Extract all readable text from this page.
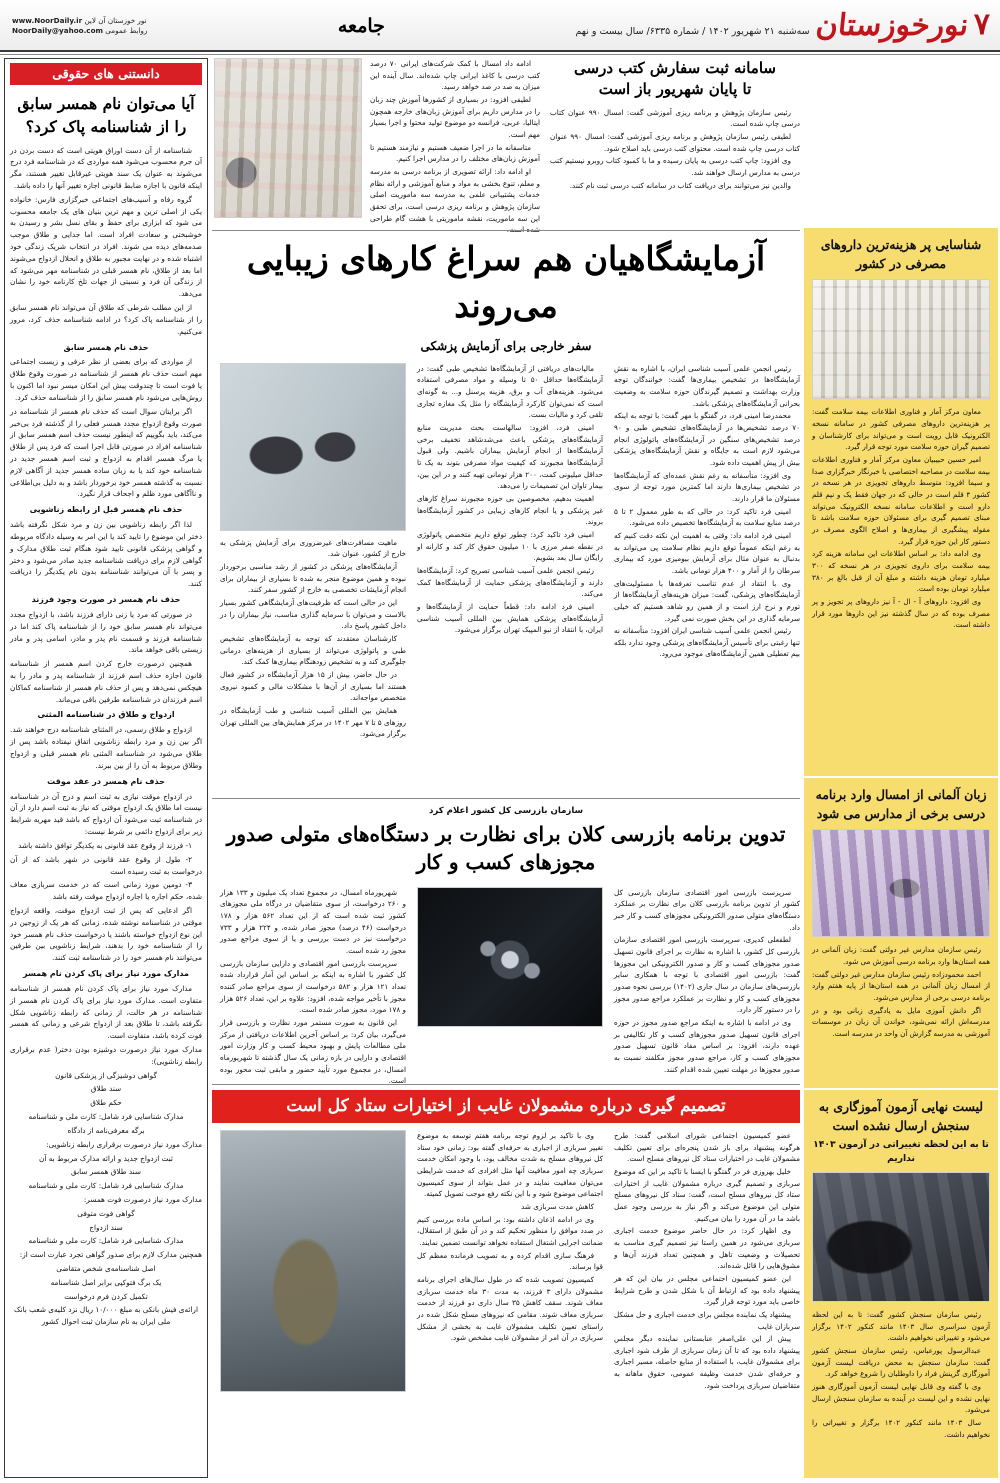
۷
نورخوزستان
سه‌شنبه ۲۱ شهریور ۱۴۰۲ / شماره ۶۳۳۵/ سال بیست و نهم
جامعه
www.NoorDaily.ir نور خوزستان آن لاین
NoorDaily@yahoo.com روابط عمومی
دانستنی های حقوقی
آیا می‌توان نام همسر سابق را از شناسنامه پاک کرد؟

شناسنامه از آن دست اوراق هویتی است که دست بردن در آن جرم محسوب می‌شود همه مواردی که در شناسنامه فرد درج می‌شوند به عنوان یک سند هویتی غیرقابل تغییر هستند، مگر اینکه قانون با اجازه ضابط قانونی اجازه تغییر آنها را داده باشد.

گروه رفاه و آسیب‌های اجتماعی خبرگزاری فارس: خانواده یکی از اصلی ترین و مهم ترین بنیان های یک جامعه محسوب می شود که ابزاری برای حفظ و بقای نسل بشر و رسیدن به خوشبختی و سعادت افراد است. اما جدایی و طلاق موجب صدمه‌های دیده می شوند. افراد در انتخاب شریک زندگی خود اشتباه شده و در نهایت مجبور به طلاق و انحلال ازدواج می‌شوند اما بعد از طلاق، نام همسر قبلی در شناسنامه مهر می‌شود که از زندگی آن فرد و نسبتی از جهات تلخ کارنامه خود را نشان می‌دهد.

از این مطلب شرطی که طلاق آن می‌تواند نام همسر سابق را از شناسنامه پاک کرد؟ در ادامه شناسنامه حذف کرد، مرور می‌کنیم.

حذف نام همسر سابق

از مواردی که برای بعضی از نظر عرفی و زیست اجتماعی مهم است حذف نام همسر از شناسنامه در صورت وقوع طلاق یا فوت است تا چندوقت پیش این امکان میسر نبود اما اکنون با روش‌هایی می‌شود نام همسر سابق را از شناسنامه حذف کرد.

اگر برایتان سوال است که حذف نام همسر از شناسنامه در صورت وقوع ازدواج مجدد همسر فعلی را از گذشته فرد بی‌خبر می‌کند، باید بگوییم که اینطور نیست حذف اسم همسر سابق از شناسنامه افراد در صورتی قابل اجرا است که فرد پس از طلاق یا مرگ همسر اقدام به ازدواج و ثبت اسم همسر جدید در شناسنامه خود کند یا به زبان ساده همسر جدید از آگاهی لازم نسبت به گذشته همسر خود برخوردار باشد و به دلیل بی‌اطلاعی و ناآگاهی مورد ظلم و اجحاف قرار نگیرد.

حذف نام همسر قبل از رابطه زناشویی

لذا اگر رابطه زناشویی بین زن و مرد شکل نگرفته باشد دختر این موضوع را تایید کند یا این امر به وسیله دادگاه مربوطه و گواهی پزشکی قانونی تایید شود هنگام ثبت طلاق مدارک و گواهی لازم برای دریافت شناسنامه جدید صادر می‌شود و دختر و پسر با آن می‌توانند شناسنامه بدون نام یکدیگر را دریافت کنند.

حذف نام همسر در صورت وجود فرزند

در صورتی که مرد یا زنی دارای فرزند باشد، با ازدواج مجدد می‌تواند نام همسر سابق خود را از شناسنامه پاک کند اما در شناسنامه فرزند و قسمت نام پدر و مادر، اسامی پدر و مادر زیستی باقی خواهد ماند.

همچنین درصورت خارج کردن اسم همسر از شناسنامه قانون اجازه حذف اسم فرزند از شناسنامه پدر و مادر را به هیچکس نمی‌دهد و پس از حذف نام همسر از شناسنامه کماکان اسم فرزندان در شناسنامه طرفین باقی می‌ماند.

ازدواج و طلاق در شناسنامه المثنی

ازدواج و طلاق رسمی، در المثنای شناسنامه درج خواهند شد. اگر بین زن و مرد رابطه زناشویی اتفاق نیفتاده باشد پس از طلاق می‌شود در شناسنامه المثنی نام همسر قبلی و ازدواج وطلاق مربوط به آن را از بین ببرند.

حذف نام همسر در عقد موقت

در ازدواج موقت نیازی به ثبت اسم و درج آن در شناسنامه نیست اما طلاق یک ازدواج موقتی که نیاز به ثبت اسم دارد از آن در شناسنامه ثبت می‌شود آن ازدواج که باشد قید مهریه شرایط زیر برای ازدواج دائمی بر شرط نیست:

۱- فرزند از وقوع عقد قانونی به یکدیگر توافق داشته باشد

۲- طول از وقوع عقد قانونی در شهر باشد که از آن درخواست به ثبت رسیده است

۳- دومین مورد زمانی است که در خدمت سربازی معاف شده، حکم اجاره یا اجاره ازدواج موقت رفته باشد

اگر ادعایی که پس از ثبت ازدواج موقت، واقعه ازدواج موقتی در شناسنامه نوشته شده، زمانی که هر یک از زوجین در این نوع ازدواج خواسته باشند یا درخواست حذف نام همسر خود را از شناسنامه خود را بدهند، شرایط زناشویی بین طرفین می‌توانند نام همسر خود را در شناسنامه ثبت کنند.

مدارک مورد نیاز برای پاک کردن نام همسر

مدارک مورد نیاز برای پاک کردن نام همسر از شناسنامه متفاوت است. مدارک مورد نیاز برای پاک کردن نام همسر از شناسنامه در هر حالت، از زمانی که رابطه زناشویی شکل نگرفته باشد، تا طلاق بعد از ازدواج شرعی و زمانی که همسر فوت کرده باشد، متفاوت است.

مدارک مورد نیاز درصورت دوشیزه بودن دختر( عدم برقراری رابطه زناشویی):

گواهی دوشیزگی از پزشکی قانون

سند طلاق

حکم طلاق

مدارک شناسایی فرد شامل: کارت ملی و شناسنامه

برگه معرفی‌نامه از دادگاه

مدارک مورد نیاز درصورت برقراری رابطه زناشویی:

ثبت ازدواج جدید و ارائه مدارک مربوط به آن

سند طلاق همسر سابق

مدارک شناسایی فرد شامل: کارت ملی و شناسنامه

مدارک مورد نیاز درصورت فوت همسر:

گواهی فوت متوفی

سند ازدواج

مدارک شناسایی فرد شامل: کارت ملی و شناسنامه

همچنین مدارک لازم برای صدور گواهی تجرد عبارت است از:

اصل شناسنامه‌ی شخص متقاضی

یک برگ فتوکپی برابر اصل شناسنامه

تکمیل کردن فرم درخواست

ارائه‌ی فیش بانکی به مبلغ ۱۰/۰۰۰ ریال نزد کلیه‌ی شعب بانک ملی ایران به نام سازمان ثبت احوال کشور

سامانه ثبت سفارش کتب درسی
تا پایان شهریور باز است

رئیس سازمان پژوهش و برنامه ریزی آموزشی گفت: امسال ۹۹۰ عنوان کتاب درسی چاپ شده است.

لطیفی رئیس سازمان پژوهش و برنامه ریزی آموزشی گفت: امسال ۹۹۰ عنوان کتاب درسی چاپ شده است. محتوای کتب درسی باید اصلاح شود.

وی افزود: چاپ کتب درسی به پایان رسیده و ما با کمبود کتاب روبرو نیستیم کتب درسی به مدارس ارسال خواهند شد.

والدین نیز می‌توانند برای دریافت کتاب در سامانه کتب درسی ثبت نام کنند.

ادامه داد امسال با کمک شرکت‌های ایرانی ۷۰ درصد کتب درسی با کاغذ ایرانی چاپ شده‌اند. سال آینده این میزان به صد در صد خواهد رسید.

لطیفی افزود: در بسیاری از کشورها آموزش چند زبان را در مدارس داریم برای آموزش زبان‌های خارجه همچون ایتالیا، عربی، فرانسه دو موضوع تولید محتوا و اجرا بسیار مهم است.

متاسفانه ما در اجرا ضعیف هستیم و نیازمند هستیم تا آموزش زبان‌های مختلف را در مدارس اجرا کنیم.

او ادامه داد: ارائه تصویری از برنامه درسی به مدرسه و معلم، تنوع بخشی به مواد و منابع آموزشی و ارائه نظام خدمات پشتیبانی علمی به مدرسه سه ماموریت اصلی سازمان پژوهش و برنامه ریزی درسی است، برای تحقق این سه ماموریت، نقشه ماموریتی با هشت گام طراحی شده است.

آزمایشگاهیان هم سراغ کارهای زیبایی می‌روند
سفر خارجی برای آزمایش پزشکی

رئیس انجمن علمی آسیب شناسی ایران، با اشاره به نقش آزمایشگاه‌ها در تشخیص بیماری‌ها گفت: خوانندگان توجه وزارت بهداشت و تصمیم گیرندگان حوزه سلامت به وضعیت بحرانی آزمایشگاه‌های پزشکی باشد.

محمدرضا امینی فرد، در گفتگو با مهر گفت: با توجه به اینکه ۷۰ درصد تشخیص‌ها در آزمایشگاه‌های تشخیص طبی و ۹۰ درصد تشخیص‌های سنگین در آزمایشگاه‌های پاتولوژی انجام می‌شود لازم است به جایگاه و نقش آزمایشگاه‌های پزشکی بیش از پیش اهمیت داده شود.

وی افزود: متأسفانه به رغم نقش عمده‌ای که آزمایشگاه‌ها در تشخیص بیماری‌ها دارند اما کمترین مورد توجه از سوی مسئولان ما قرار دارند.

امینی فرد تاکید کرد: در حالی که به طور معمول ۲ تا ۵ درصد منابع سلامت به آزمایشگاه‌ها تخصیص داده می‌شود.

امینی فرد ادامه داد: وقتی به اهمیت این نکته دقت کنیم که به رغم اینکه عموماً توقع داریم نظام سلامت پی می‌تواند به بدنبال به عنوان مثال برای آزمایش بیومیزی مورد که بیماری سرطان را از آمار و ۴۰۰ هزار تومانی باشد.

وی با انتقاد از عدم تناسب تعرفه‌ها با مسئولیت‌های آزمایشگاه‌های پزشکی، گفت: میزان هزینه‌های آزمایشگاه‌ها از تورم و نرخ ارز است و از همین رو شاهد هستیم که خیلی سرمایه گذاری در این بخش صورت نمی گیرد.

رئیس انجمن علمی آسیب شناسی ایران افزود: متأسفانه نه تنها رغبتی برای تأسیس آزمایشگاه‌های پزشکی وجود ندارد بلکه بیم تعطیلی همین آزمایشگاه‌های موجود می‌رود.

مالیات‌های دریافتی از آزمایشگاه‌ها تشخیص طبی گفت: در آزمایشگاه‌ها حداقل ۵۰ تا وسیله و مواد مصرفی استفاده می‌شود. هزینه‌های آب و برق، هزینه پرسنل و... به گونه‌ای است که نمی‌توان کارکرد آزمایشگاه را مثل یک مغازه تجاری تلقی کرد و مالیات بست.

امینی فرد، افزود: سالهاست بحث مدیریت منابع آزمایشگاه‌های پزشکی باعث می‌شدشاهد تخفیف برخی آزمایشگاه‌ها از انجام آزمایش بیماران باشیم. ولی قبول آزمایشگاه‌ها مجبورند که کیفیت مواد مصرفی بتوند به یک تا حداقل میلیونی کمت، ۲۰۰ هزار تومانی تهیه کنند و در این بین، بیمار تاوان این تصمیمات را می‌دهد.

اهمیت بدهیم، مخصوصین بی حوزه مجبورند سراغ کارهای غیر پزشکی و یا انجام کارهای زیبایی در کشور آزمایشگاه‌ها بروند.

امینی فرد تاکید کرد: چطور توقع داریم متخصص پاتولوژی در نقطه صفر مرزی با ۱۰ میلیون حقوق کار کند و کارانه او رایگان سال بعد بشویم.

رئیس انجمن علمی آسیب شناسی تصریح کرد: آزمایشگاه‌ها دارند و آزمایشگاه‌های پزشکی حمایت از آزمایشگاه‌ها کمک می‌کند.

امینی فرد ادامه داد: قطعاً حمایت از آزمایشگاه‌ها و آزمایشگاه‌های پزشکی همایش بین المللی آسیب شناسی ایران، با انتقاد از نبو المپیک تهران برگزار می‌شود.

ماهیت مسافرت‌های غیرضروری برای آزمایش پزشکی به خارج از کشور، عنوان شد.

آزمایشگاه‌های پزشکی در کشور از رشد مناسبی برخوردار نبوده و همین موضوع منجر به شده تا بسیاری از بیماران برای انجام آزمایشات تخصصی به خارج از کشور سفر کنند.

این در حالی است که ظرفیت‌های آزمایشگاهی کشور بسیار بالاست و می‌توان با سرمایه گذاری مناسب، نیاز بیماران را در داخل کشور پاسخ داد.

کارشناسان معتقدند که توجه به آزمایشگاه‌های تشخیص طبی و پاتولوژی می‌تواند از بسیاری از هزینه‌های درمانی جلوگیری کند و به تشخیص زودهنگام بیماری‌ها کمک کند.

در حال حاضر، بیش از ۱۵ هزار آزمایشگاه در کشور فعال هستند اما بسیاری از آن‌ها با مشکلات مالی و کمبود نیروی متخصص مواجه‌اند.

همایش بین المللی آسیب شناسی و طب آزمایشگاه در روزهای ۵ تا ۷ مهر ۱۴۰۲ در مرکز همایش‌های بین المللی تهران برگزار می‌شود.

سازمان بازرسی کل کشور اعلام کرد
تدوین برنامه بازرسی کلان برای نظارت بر دستگاه‌های متولی صدور مجوزهای کسب و کار

سرپرست بازرسی امور اقتصادی سازمان بازرسی کل کشور از تدوین برنامه بازرسی کلان برای نظارت بر عملکرد دستگاه‌های متولی صدور الکترونیکی مجوزهای کسب و کار خبر داد.

لطفعلی کدیری، سرپرست بازرسی امور اقتصادی سازمان بازرسی کل کشور، با اشاره به نظارت بر اجرای قانون تسهیل صدور مجوزهای کسب و کار و صدور الکترونیکی این مجوزها گفت: بازرسی امور اقتصادی با توجه با همکاری سایر بازرسی‌های سازمان در سال جاری (۱۴۰۲) بررسی نحوه صدور مجوزهای کسب و کار و نظارت بر عملکرد مراجع صدور مجوز را در دستور کار دارد.

وی در ادامه با اشاره به اینکه مراجع صدور مجوز در حوزه اجرای قانون تسهیل صدور مجوزهای کسب و کار تکالیفی بر عهده دارند، افزود: بر اساس مفاد قانون تسهیل صدور مجوزهای کسب و کار، مراجع صدور مجوز مکلفند نسبت به صدور مجوزها در مهلت تعیین شده اقدام کنند.

شهریورماه امسال، در مجموع تعداد یک میلیون و ۱۳۳ هزار و ۲۶۰ درخواست، از سوی متقاضیان در درگاه ملی مجوزهای کشور ثبت شده است که از این تعداد ۵۶۲ هزار و ۱۷۸ درخواست (۴۶ درصد) مجوز صادر شده، و ۲۲۴ هزار و ۷۳۳ درخواست نیز در دست بررسی و یا از سوی مراجع صدور مجوز رد شده است.

سرپرست بازرسی امور اقتصادی و دارایی سازمان بازرسی کل کشور با اشاره به اینکه بر اساس این آمار قرارداد شده تعداد ۱۲۱ هزار و ۵۸۲ درخواست از سوی مراجع صادر کننده مجوز با تأخیر مواجه شده، افزود: علاوه بر این، تعداد ۵۲۶ هزار و ۱۷۸ مورد، مجوز صادر شده است.

این قانون به صورت مستمر مورد نظارت و بازرسی قرار می‌گیرد، بیان کرد: بر اساس آخرین اطلاعات دریافتی از مرکز ملی مطالعات پایش و بهبود محیط کسب و کار وزارت امور اقتصادی و دارایی در بازه زمانی یک سال گذشته تا شهریورماه امسال، در مجموع مورد تأیید حضور و مابقی ثبت محور بوده است.

تصمیم گیری درباره مشمولان غایب از اختیارات ستاد کل است

عضو کمیسیون اجتماعی شورای اسلامی گفت: طرح هرگونه پیشنهاد برای باز شدن پنجره‌ای برای تعیین تکلیف مشمولان غایب در اختیارات ستاد کل نیروهای مسلح است.

خلیل بهروزی فر در گفتگو با ایسنا با تاکید بر این که موضوع سربازی و تصمیم گیری درباره مشمولان غایب از اختیارات ستاد کل نیروهای مسلح است، گفت: ستاد کل نیروهای مسلح متولی این موضوع می‌کند و اگر نیاز به بررسی وجود عمل باشد ما در آن مورد را بیان می‌کنیم.

وی اظهار کرد: در حال حاضر موضوع خدمت اجباری سربازی می‌شود در همین راستا نیز تصمیم گیری مناسب به تحصیلات و وضعیت تاهل و همچنین تعداد فرزند آن‌ها و مشوق‌هایی را قائل شده‌اند.

این عضو کمیسیون اجتماعی مجلس در بیان این که هر پیشنهاد داده بود که ارتباط آن با شکل شدن و طرح شرایط خاصی باید مورد توجه قرار گیرد.

پیشنهاد یک نماینده مجلس برای خدمت اجباری و حل مشکل سربازان غایب

پیش از این علی‌اصغر عنابستانی نماینده دیگر مجلس پیشنهاد داده بود که تا آن زمان سربازی از طرف شود اجباری برای مشمولان غایب، با استفاده از منابع حاصله، مسیر اجباری و حرفه‌ای شدن خدمت وظیفه عمومی، حقوق ماهانه به متقاضیان سربازی پرداخت شود.

وی با تاکید بر لزوم توجه برنامه هفتم توسعه به موضوع تغییر سربازی از اجباری به حرفه‌ای گفته بود: زمانی خود ستاد کل نیروهای مسلح به شدت مخالف بود، با وجود امکان خدمت سربازی چه امور معافیت آنها مثل افرادی که خدمت شرایطی می‌توان معافیت نمایند و در عمل بتواند از سوی کمیسیون اجتماعی موضوع شود و با این نکته رفع موجب تصویل کمیته.

کاهش مدت سربازی شد

وی در ادامه اذعان داشته بود: بر اساس ماده بررسی کنیم در صدد موافق را منظور تحکیم کند و در آن طبق از استقلال، ضمانت اجرایی اشتغال استفاده نخواهد توانست تضمین نمایند.

فرهنگ سازی اقدام کرده و به تصویب فرمانده معظم کل قوا برساند.

کمیسیون تصویب شده که در طول سال‌های اجرای برنامه مشمولان دارای ۳ فرزند، به مدت ۳۰ ماه خدمت سربازی معاف شوند. سقف کاهش ۳۵ سال داری دو فرزند از خدمت سربازی معاف شوند. مقامی که نیروهای مسلح شکل شده در راستای تعیین تکلیف مشمولان غایب به بخشی از مشکل سربازی در آن امر از مشمولان غایب مشخص شود.

شناسایی پر هزینه‌ترین داروهای مصرفی در کشور

معاون مرکز آمار و فناوری اطلاعات بیمه سلامت گفت: پر هزینه‌ترین داروهای مصرفی کشور در سامانه نسخه الکترونیک قابل رویت است و می‌تواند برای کارشناسان و تصمیم گیران حوزه سلامت مورد توجه قرار گیرد.

امیر حسین حبیبیان معاون مرکز آمار و فناوری اطلاعات بیمه سلامت در مصاحبه اختصاصی با خبرنگار خبرگزاری صدا و سیما افزود: متوسط داروهای تجویزی در هر نسخه در کشور ۴ قلم است در حالی که در جهان فقط یک و نیم قلم دارو است و اطلاعات سامانه نسخه الکترونیک می‌تواند مبنای تصمیم گیری برای مسئولان حوزه سلامت باشد تا مقوله پیشگیری از بیماری‌ها و اصلاح الگوی مصرف در دستور کار این حوزه قرار گیرد.

وی ادامه داد: بر اساس اطلاعات این سامانه هزینه کرد بیمه سلامت برای داروی تجویزی در هر نسخه که ۳۰۰ میلیارد تومان هزینه داشته و مبلغ آن از قبل بالغ بر ۳۸۰ میلیارد تومان بوده است.

وی افزود: داروهای آ - ال - آ نیز داروهای پر تجویز و پر مصرف بوده که در سال گذشته نیز این داروها مورد قرار داشته است.

زبان آلمانی از امسال وارد برنامه درسی برخی از مدارس می شود

رئیس سازمان مدارس غیر دولتی گفت: زبان آلمانی در همه استان‌ها وارد برنامه درسی آموزش می شود.

احمد محمودزاده رئیس سازمان مدارس غیر دولتی گفت: از امسال زبان آلمانی در همه استان‌ها از پایه هفتم وارد برنامه درسی برخی از مدارس می‌شود.

اگر دانش آموزی مایل به یادگیری زبانی بود و در مدرسه‌اش ارائه نمی‌شود، خواندن آن زبان در موسسات آموزشی به مدرسه گزارش آن واحد در مدرسه است.

لیست نهایی آزمون آموزگاری به سنجش ارسال نشده است
تا به این لحظه تغییراتی در آزمون ۱۴۰۳ نداریم

رئیس سازمان سنجش کشور گفت: تا به این لحظه آزمون سراسری سال ۱۴۰۳ مانند کنکور ۱۴۰۲ برگزار می‌شود و تغییراتی نخواهیم داشت.

عبدالرسول پورعباس، رئیس سازمان سنجش کشور گفت: سازمان سنجش به محض دریافت لیست آزمون آموزگاری گزینش فراد را داوطلبان را شروع خواهد کرد.

وی با گفته وی قابل نهایی لیست آزمون آموزگاری هنوز نهایی نشده و این لیست در آینده به سازمان سنجش ارسال می‌شود.

سال ۱۴۰۳ مانند کنکور ۱۴۰۲ برگزار و تغییراتی را نخواهیم داشت.
